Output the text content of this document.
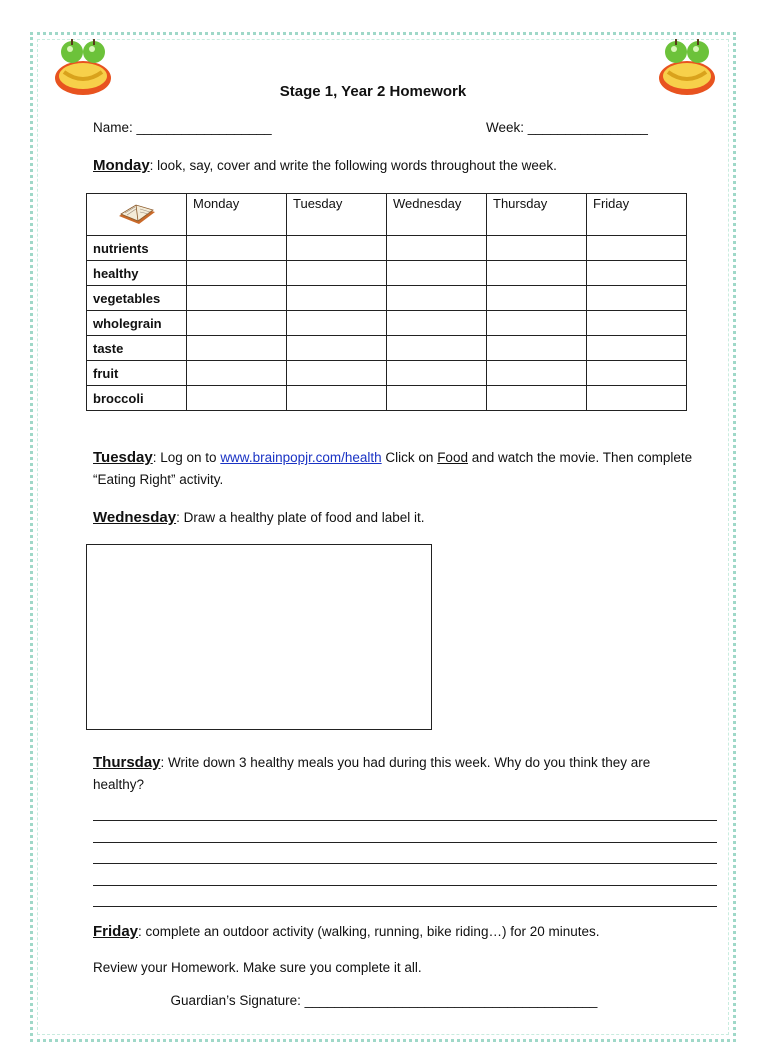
Stage 1, Year 2 Homework
Name: __________________	Week: ________________
Monday: look, say, cover and write the following words throughout the week.
	Monday	Tuesday	Wednesday	Thursday	Friday
nutrients					
healthy					
vegetables					
wholegrain					
taste					
fruit					
broccoli					
Tuesday: Log on to www.brainpopjr.com/health Click on Food and watch the movie. Then complete “Eating Right” activity.
Wednesday: Draw a healthy plate of food and label it.
Thursday: Write down 3 healthy meals you had during this week. Why do you think they are healthy?
Friday: complete an outdoor activity (walking, running, bike riding…) for 20 minutes.
Review your Homework. Make sure you complete it all.
Guardian’s Signature: _______________________________________
